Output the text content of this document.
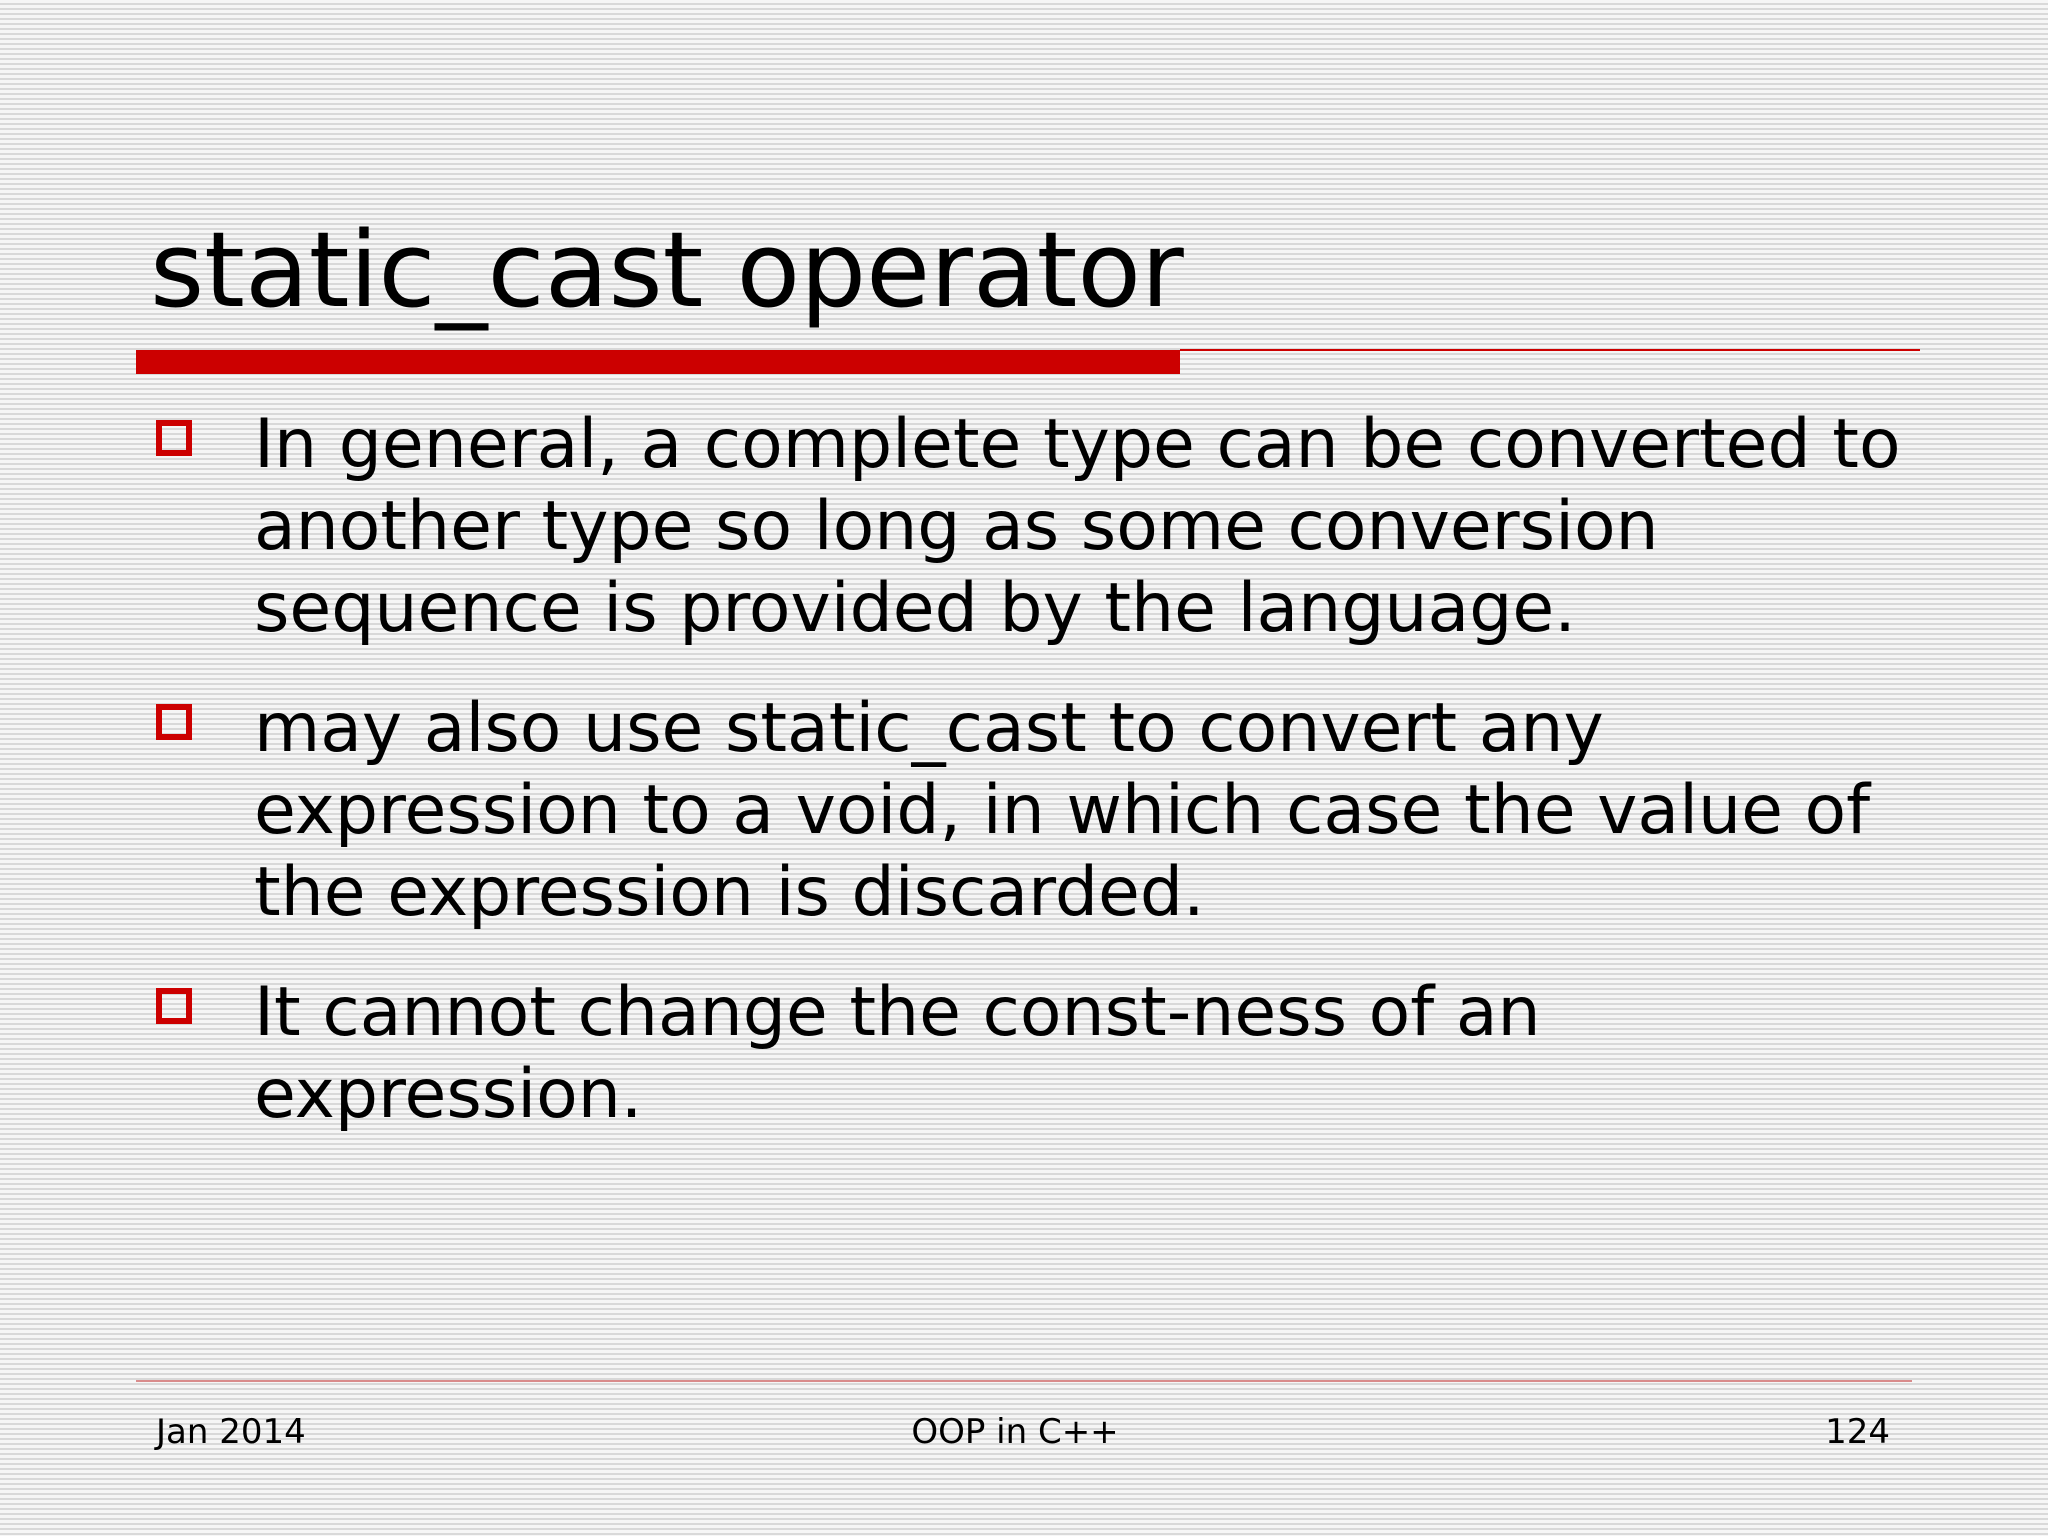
static_cast operator
In general, a complete type can be converted to another type so long as some conversion sequence is provided by the language.
may also use static_cast to convert any expression to a void, in which case the value of the expression is discarded.
It cannot change the const-ness of an expression.
Jan 2014	OOP in C++	124
